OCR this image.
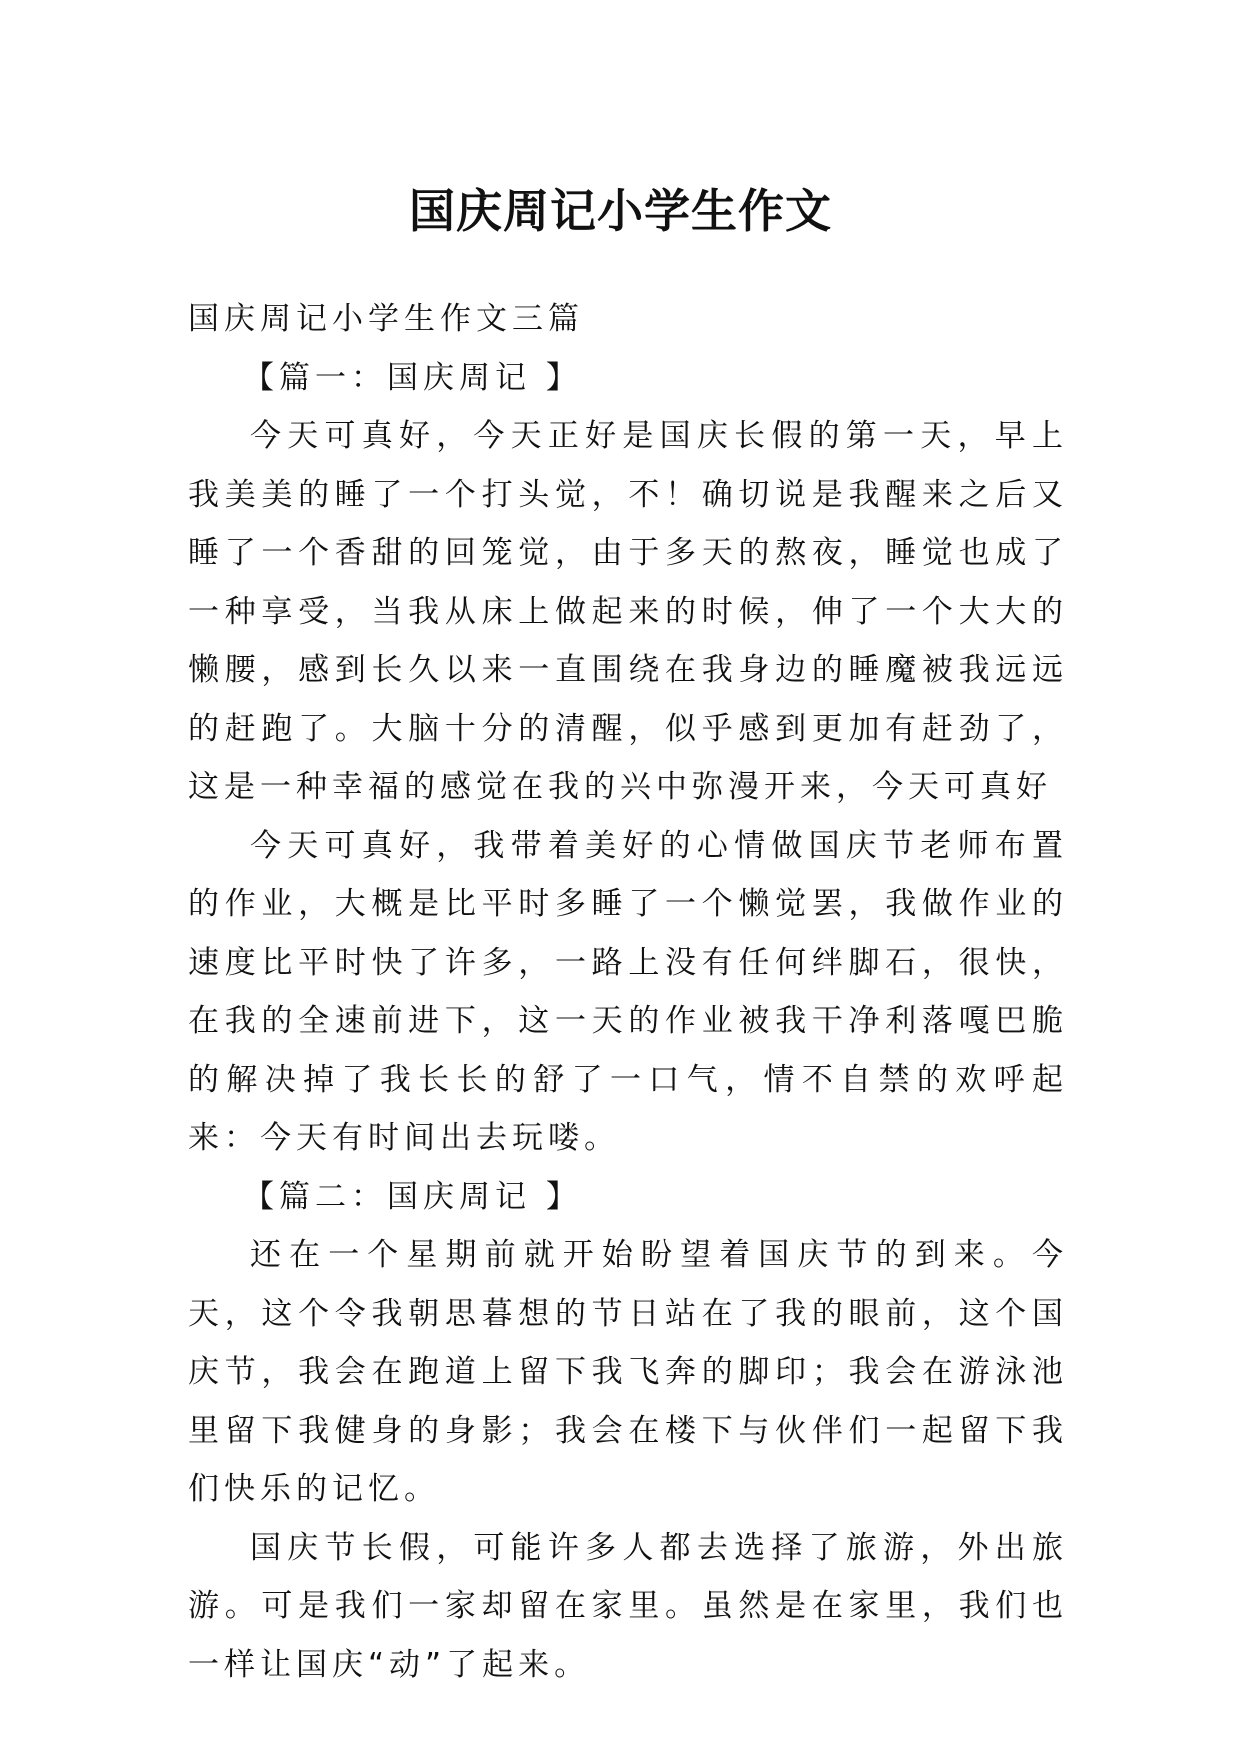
国庆周记小学生作文

国庆周记小学生作文三篇

【篇一：国庆周记 】

今天可真好，今天正好是国庆长假的第一天，早上我美美的睡了一个打头觉，不！确切说是我醒来之后又睡了一个香甜的回笼觉，由于多天的熬夜，睡觉也成了一种享受，当我从床上做起来的时候，伸了一个大大的懒腰，感到长久以来一直围绕在我身边的睡魔被我远远的赶跑了。大脑十分的清醒，似乎感到更加有赶劲了，这是一种幸福的感觉在我的兴中弥漫开来，今天可真好

今天可真好，我带着美好的心情做国庆节老师布置的作业，大概是比平时多睡了一个懒觉罢，我做作业的速度比平时快了许多，一路上没有任何绊脚石，很快，在我的全速前进下，这一天的作业被我干净利落嘎巴脆的解决掉了我长长的舒了一口气，情不自禁的欢呼起来：今天有时间出去玩喽。

【篇二：国庆周记 】

还在一个星期前就开始盼望着国庆节的到来。今天，这个令我朝思暮想的节日站在了我的眼前，这个国庆节，我会在跑道上留下我飞奔的脚印；我会在游泳池里留下我健身的身影；我会在楼下与伙伴们一起留下我们快乐的记忆。

国庆节长假，可能许多人都去选择了旅游，外出旅游。可是我们一家却留在家里。虽然是在家里，我们也一样让国庆“动”了起来。
